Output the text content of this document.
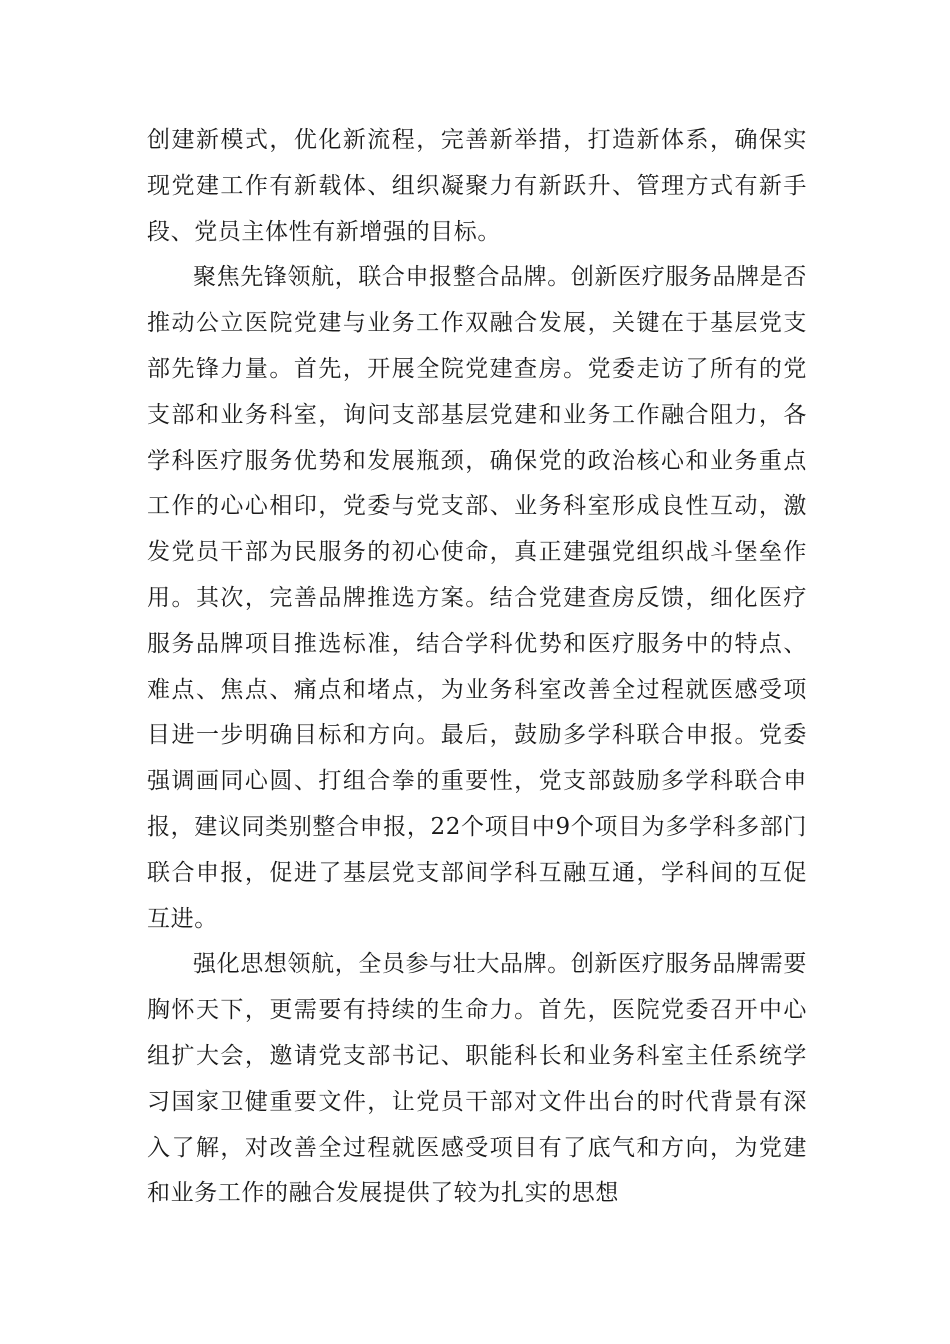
创建新模式，优化新流程，完善新举措，打造新体系，确保实现党建工作有新载体、组织凝聚力有新跃升、管理方式有新手段、党员主体性有新增强的目标。

聚焦先锋领航，联合申报整合品牌。创新医疗服务品牌是否推动公立医院党建与业务工作双融合发展，关键在于基层党支部先锋力量。首先，开展全院党建查房。党委走访了所有的党支部和业务科室，询问支部基层党建和业务工作融合阻力，各学科医疗服务优势和发展瓶颈，确保党的政治核心和业务重点工作的心心相印，党委与党支部、业务科室形成良性互动，激发党员干部为民服务的初心使命，真正建强党组织战斗堡垒作用。其次，完善品牌推选方案。结合党建查房反馈，细化医疗服务品牌项目推选标准，结合学科优势和医疗服务中的特点、难点、焦点、痛点和堵点，为业务科室改善全过程就医感受项目进一步明确目标和方向。最后，鼓励多学科联合申报。党委强调画同心圆、打组合拳的重要性，党支部鼓励多学科联合申报，建议同类别整合申报，22个项目中9个项目为多学科多部门联合申报，促进了基层党支部间学科互融互通，学科间的互促互进。

强化思想领航，全员参与壮大品牌。创新医疗服务品牌需要胸怀天下，更需要有持续的生命力。首先，医院党委召开中心组扩大会，邀请党支部书记、职能科长和业务科室主任系统学习国家卫健重要文件，让党员干部对文件出台的时代背景有深入了解，对改善全过程就医感受项目有了底气和方向，为党建和业务工作的融合发展提供了较为扎实的思想
